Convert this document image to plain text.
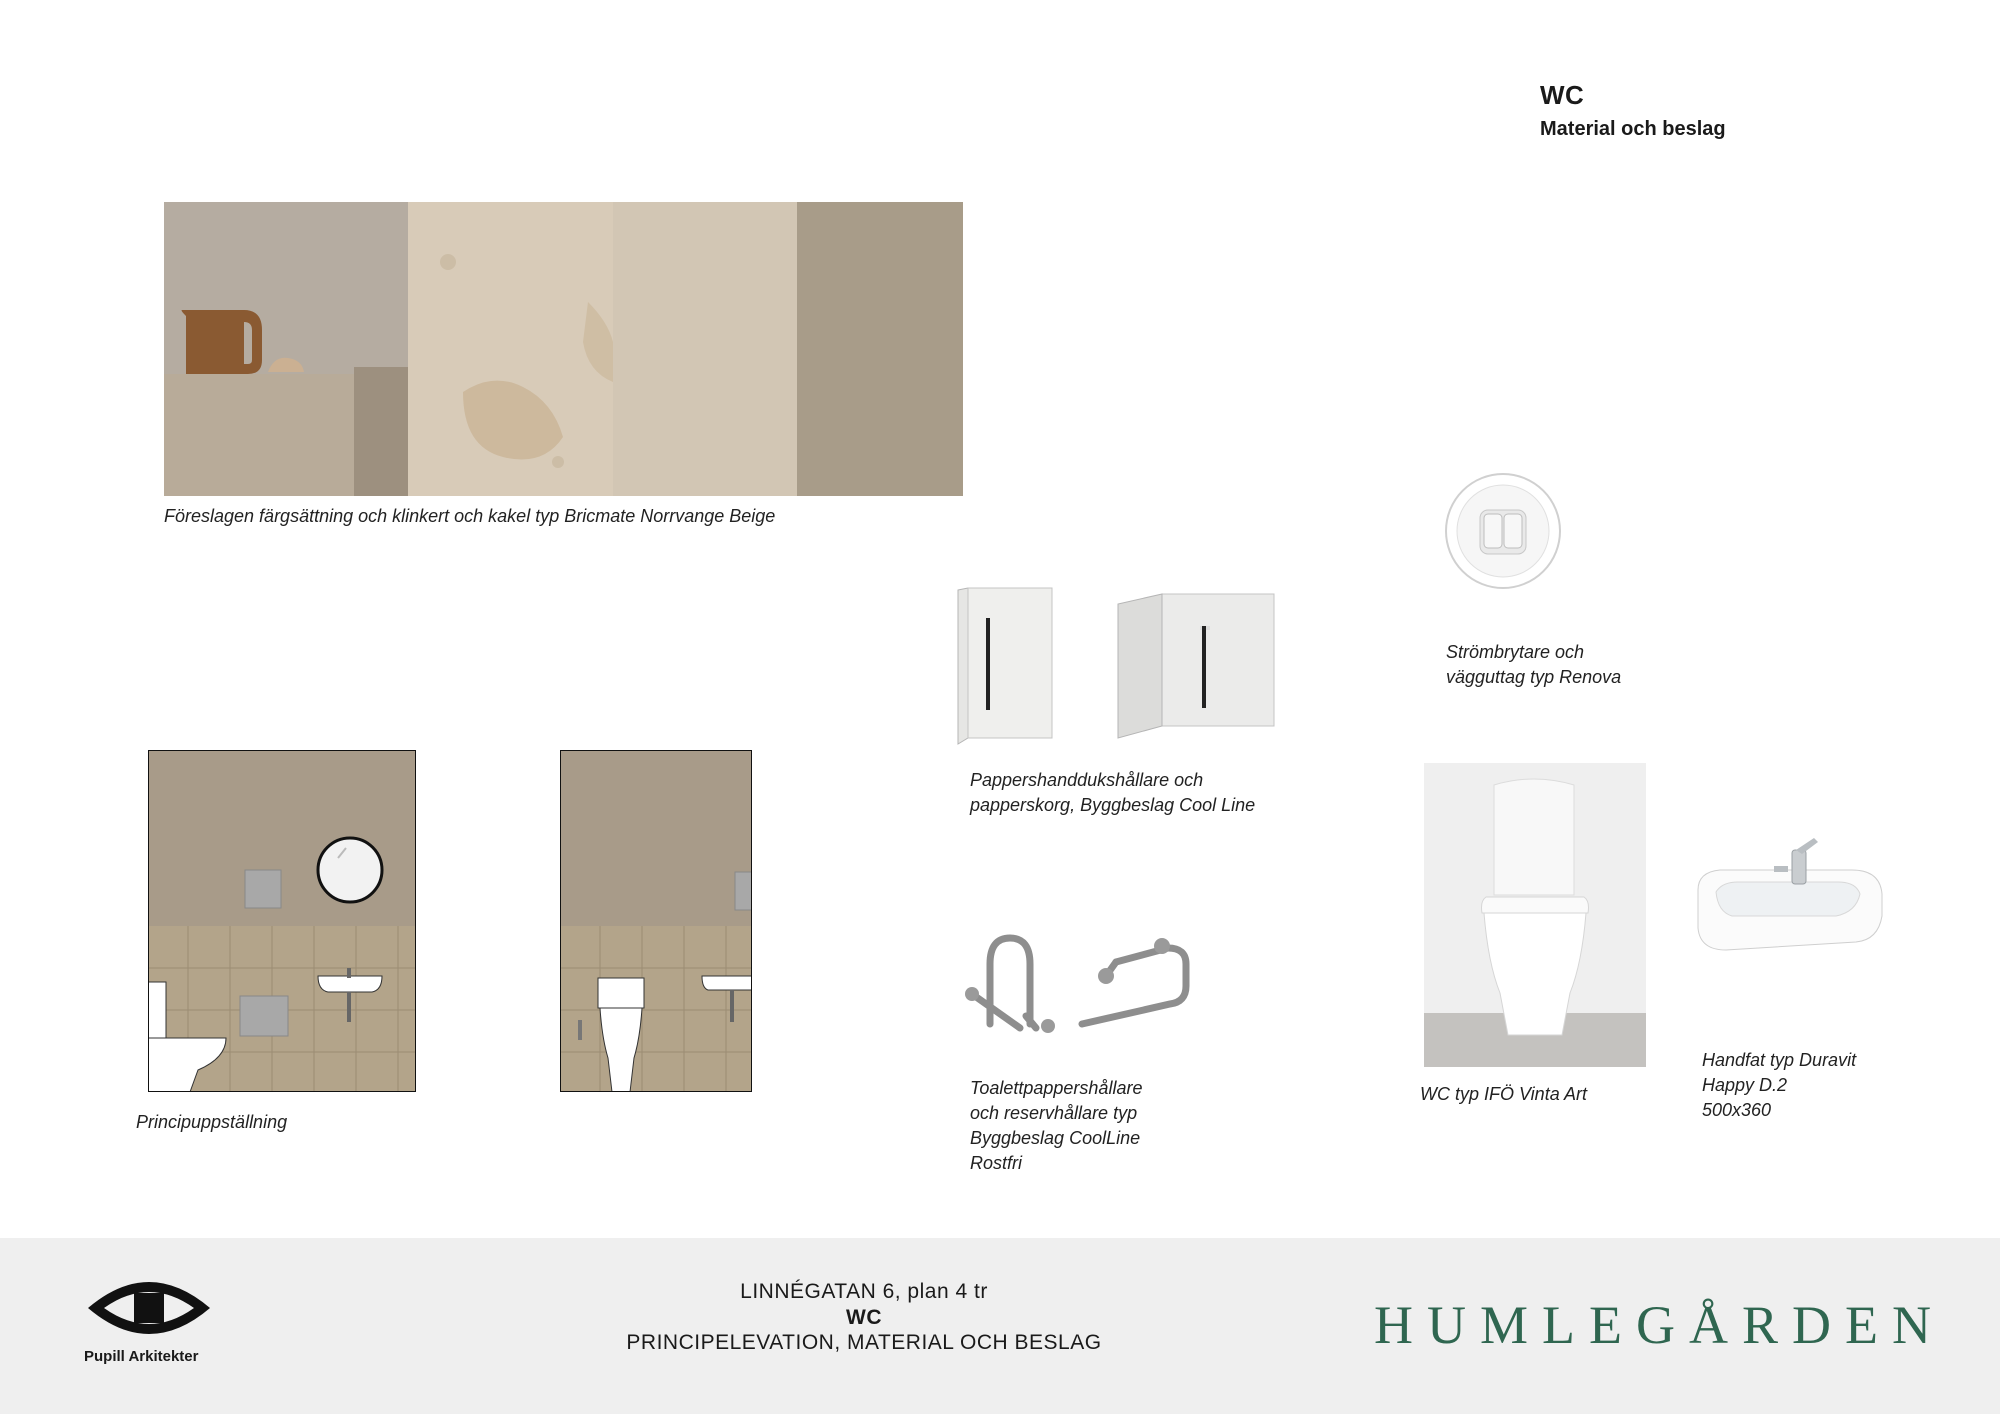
WC
Material och beslag
Föreslagen färgsättning och klinkert och kakel typ Bricmate Norrvange Beige
Principuppställning
Pappershanddukshållare och
papperskorg, Byggbeslag Cool Line
Strömbrytare och
vägguttag typ Renova
Toalettpappershållare
och reservhållare typ
Byggbeslag CoolLine
Rostfri
WC typ IFÖ Vinta Art
Handfat typ Duravit
Happy D.2
500x360
Pupill Arkitekter
LINNÉGATAN 6, plan 4 tr
WC
PRINCIPELEVATION, MATERIAL OCH BESLAG	HUMLEGÅRDEN
